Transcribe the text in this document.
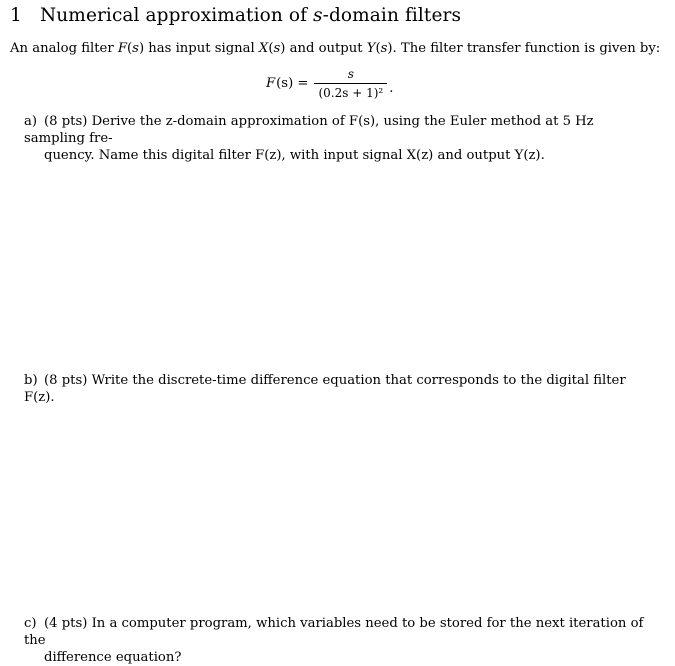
1 Numerical approximation of s-domain filters
An analog filter F(s) has input signal X(s) and output Y(s). The filter transfer function is given by:
F $(s) = \frac{s}{\text{(0.2s + 1)²}}$ .
a) (8 pts) Derive the z-domain approximation of F(s), using the Euler method at 5 Hz sampling fre-
quency. Name this digital filter F(z), with input signal X(z) and output Y(z).
b) (8 pts) Write the discrete-time difference equation that corresponds to the digital filter F(z).
c) (4 pts) In a computer program, which variables need to be stored for the next iteration of the
difference equation?
